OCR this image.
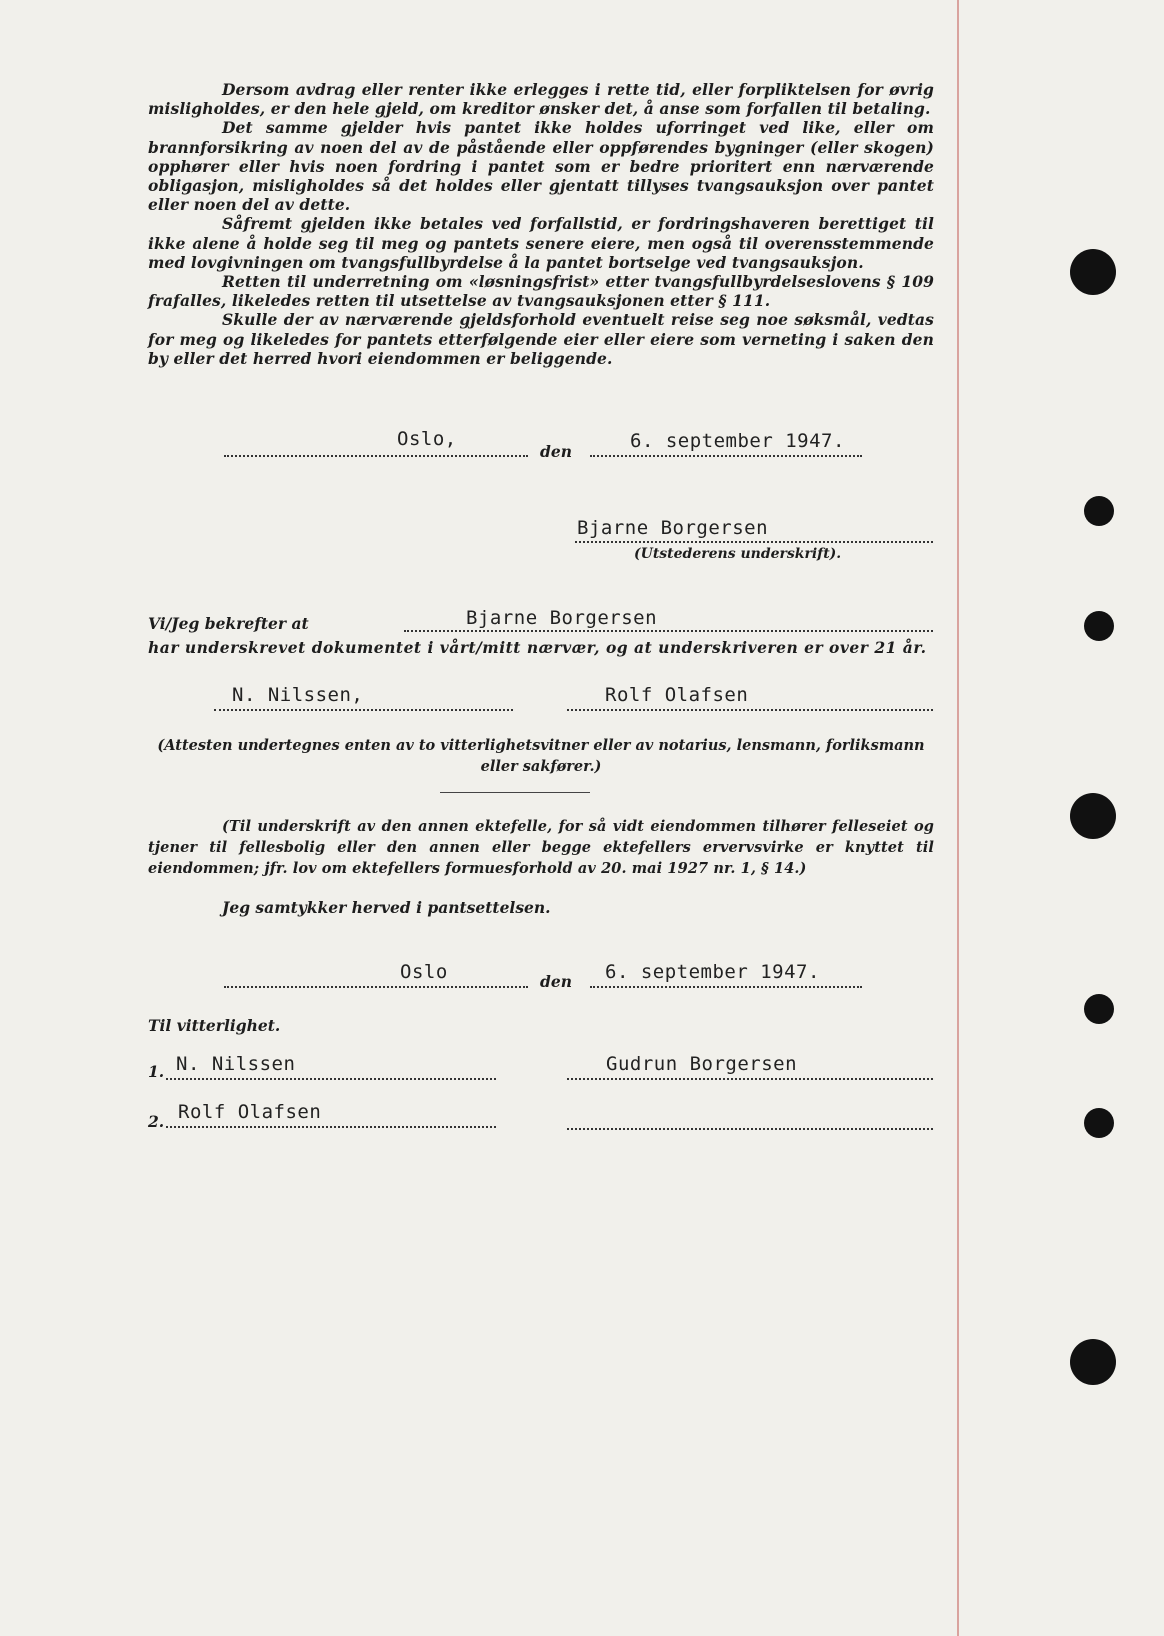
Dersom avdrag eller renter ikke erlegges i rette tid, eller forpliktelsen for øvrig misligholdes, er den hele gjeld, om kreditor ønsker det, å anse som forfallen til betaling.

Det samme gjelder hvis pantet ikke holdes uforringet ved like, eller om brannforsikring av noen del av de påstående eller oppførendes bygninger (eller skogen) opphører eller hvis noen fordring i pantet som er bedre prioritert enn nærværende obligasjon, misligholdes så det holdes eller gjentatt tillyses tvangsauksjon over pantet eller noen del av dette.

Såfremt gjelden ikke betales ved forfallstid, er fordringshaveren berettiget til ikke alene å holde seg til meg og pantets senere eiere, men også til overensstemmende med lovgivningen om tvangsfullbyrdelse å la pantet bortselge ved tvangsauksjon.

Retten til underretning om «løsningsfrist» etter tvangsfullbyrdelseslovens § 109 frafalles, likeledes retten til utsettelse av tvangsauksjonen etter § 111.

Skulle der av nærværende gjeldsforhold eventuelt reise seg noe søksmål, vedtas for meg og likeledes for pantets etterfølgende eier eller eiere som verneting i saken den by eller det herred hvori eiendommen er beliggende.

Oslo,
den	6. september 1947.
Bjarne Borgersen
(Utstederens underskrift).
Vi/Jeg bekrefter at	Bjarne Borgersen
har underskrevet dokumentet i vårt/mitt nærvær, og at underskriveren er over 21 år.
N. Nilssen,	Rolf Olafsen
(Attesten undertegnes enten av to vitterlighetsvitner eller av notarius, lensmann, forliksmann
eller sakfører.)

(Til underskrift av den annen ektefelle, for så vidt eiendommen tilhører felleseiet og tjener til fellesbolig eller den annen eller begge ektefellers ervervsvirke er knyttet til eiendommen; jfr. lov om ektefellers formuesforhold av 20. mai 1927 nr. 1, § 14.)

Jeg samtykker herved i pantsettelsen.
Oslo	den 6. september 1947.
Til vitterlighet.
1. N. Nilssen	Gudrun Borgersen
2. Rolf Olafsen
